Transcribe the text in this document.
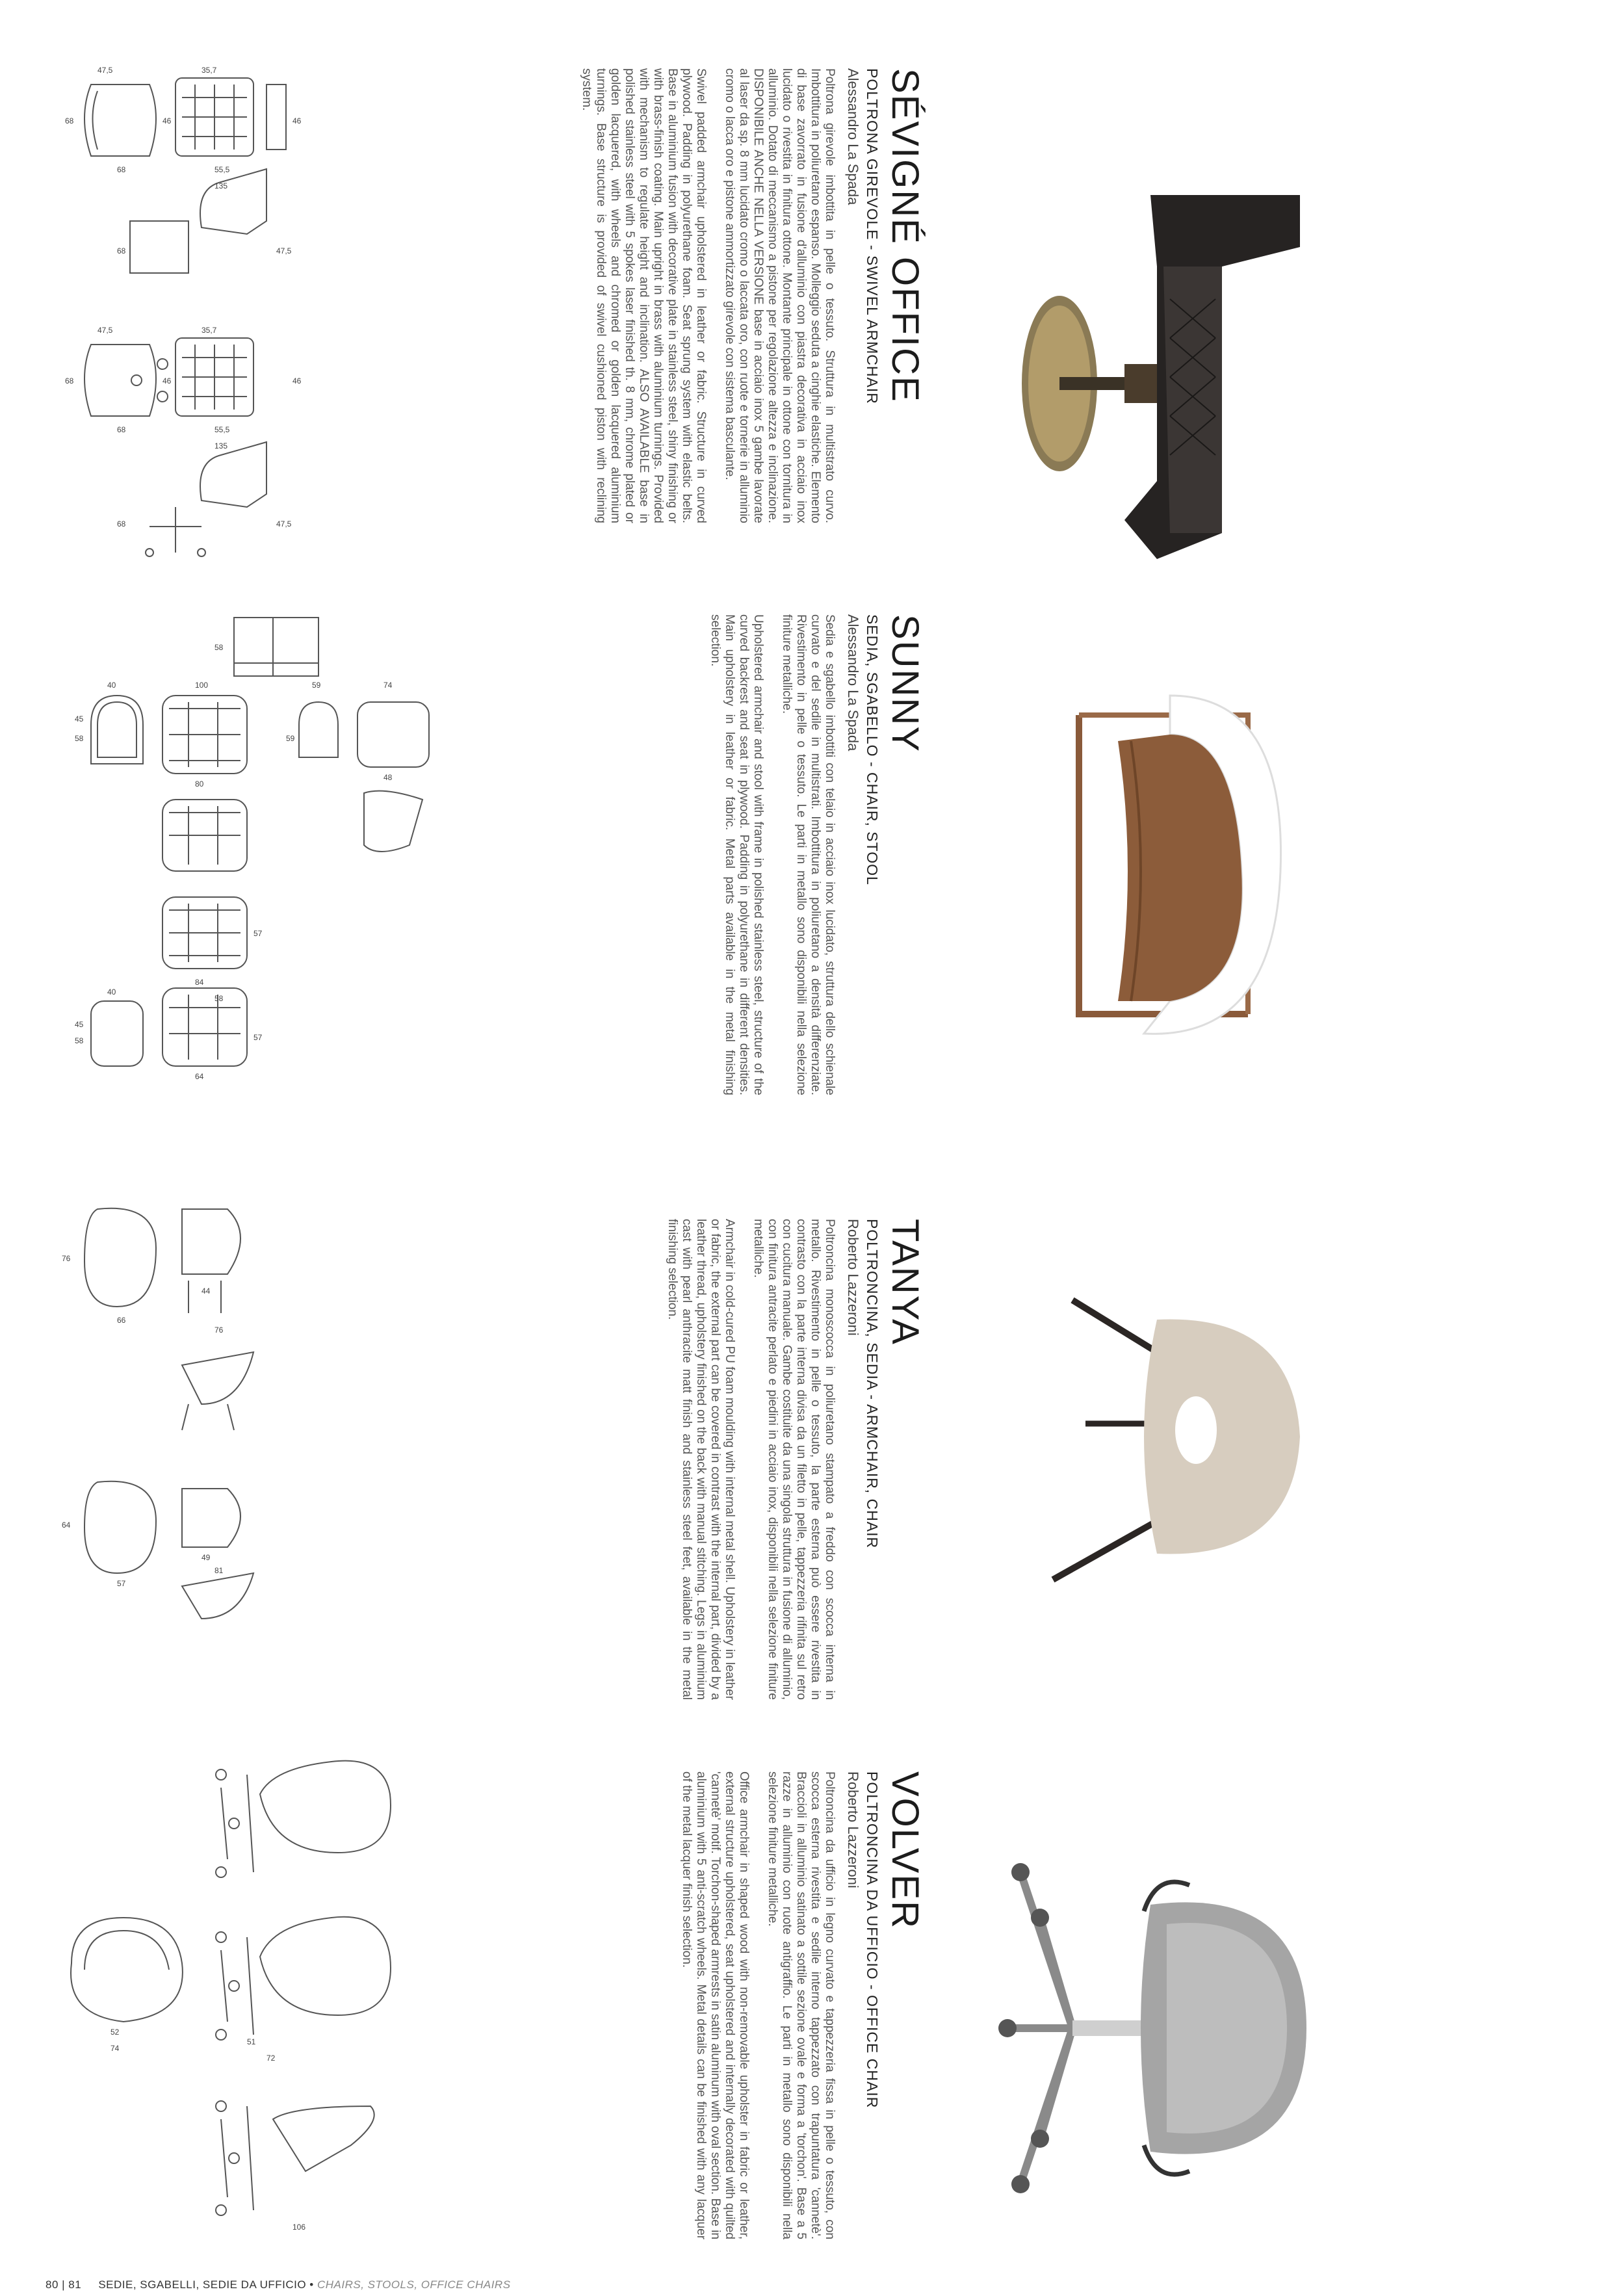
47,5	35,7
68	46	46
68	55,5
135
68	47,5
47,5	35,7
68	46	46
68	55,5
135
68	47,5
58
100
80
40
45
58
57
59	74
59
48
58
84
64
40
45
58	57
76
66
44
76
64
57
49
81
52
74
51
72
106
SÉVIGNÉ OFFICE
POLTRONA GIREVOLE - SWIVEL ARMCHAIR
Alessandro La Spada

Poltrona girevole imbottita in pelle o tessuto. Struttura in multistrato curvo. Imbottitura in poliuretano espanso. Molleggio seduta a cinghie elastiche. Elemento di base zavorrato in fusione d'alluminio con piastra decorativa in acciaio inox lucidato o rivestita in finitura ottone. Montante principale in ottone con tornitura in alluminio. Dotato di meccanismo a pistone per regolazione altezza e inclinazione. DISPONIBILE ANCHE NELLA VERSIONE base in acciaio inox 5 gambe lavorate al laser da sp. 8 mm lucidato cromo o laccata oro, con ruote e tornerie in alluminio cromo o lacca oro e pistone ammortizzato girevole con sistema basculante.

Swivel padded armchair upholstered in leather or fabric. Structure in curved plywood. Padding in polyurethane foam. Seat sprung system with elastic belts. Base in aluminium fusion with decorative plate in stainless steel, shiny finishing or with brass-finish coating. Main upright in brass with aluminium turnings. Provided with mechanism to regulate height and inclination. ALSO AVAILABLE base in polished stainless steel with 5 spokes laser finished th. 8 mm, chrome plated or golden lacquered, with wheels and chromed or golden lacquered aluminium turnings. Base structure is provided of swivel cushioned piston with reclining system.

SUNNY
SEDIA, SGABELLO - CHAIR, STOOL
Alessandro La Spada

Sedia e sgabello imbottiti con telaio in acciaio inox lucidato, struttura dello schienale curvato e del sedile in multistrati. Imbottitura in poliuretano a densità differenziate. Rivestimento in pelle o tessuto. Le parti in metallo sono disponibili nella selezione finiture metalliche.

Upholstered armchair and stool with frame in polished stainless steel, structure of the curved backrest and seat in plywood. Padding in polyurethane in different densities. Main upholstery in leather or fabric. Metal parts available in the metal finishing selection.

TANYA
POLTRONCINA, SEDIA - ARMCHAIR, CHAIR
Roberto Lazzeroni

Poltroncina monoscocca in poliuretano stampato a freddo con scocca interna in metallo. Rivestimento in pelle o tessuto, la parte esterna può essere rivestita in contrasto con la parte interna divisa da un filetto in pelle, tappezzeria rifinita sul retro con cucitura manuale. Gambe costituite da una singola struttura in fusione di alluminio, con finitura antracite perlato e piedini in acciaio inox, disponibili nella selezione finiture metalliche.

Armchair in cold-cured PU foam moulding with internal metal shell. Upholstery in leather or fabric, the external part can be covered in contrast with the internal part, divided by a leather thread, upholstery finished on the back with manual stitching. Legs in aluminium cast with pearl anthracite matt finish and stainless steel feet, available in the metal finishing selection.

VOLVER
POLTRONCINA DA UFFICIO - OFFICE CHAIR
Roberto Lazzeroni

Poltroncina da ufficio in legno curvato e tappezzeria fissa in pelle o tessuto, con scocca esterna rivestita e sedile interno tappezzato con trapuntatura 'cannetè'. Braccioli in alluminio satinato a sottile sezione ovale e forma a 'torchon'. Base a 5 razze in alluminio con ruote antigraffio. Le parti in metallo sono disponibili nella selezione finiture metalliche.

Office armchair in shaped wood with non-removable upholster in fabric or leather, external structure upholstered, seat upholstered and internally decorated with quilted 'cannetè' motif. Torchon-shaped armrests in satin aluminum with oval section. Base in aluminium with 5 anti-scratch wheels. Metal details can be finished with any lacquer of the metal lacquer finish selection.

80 | 81 SEDIE, SGABELLI, SEDIE DA UFFICIO • CHAIRS, STOOLS, OFFICE CHAIRS
